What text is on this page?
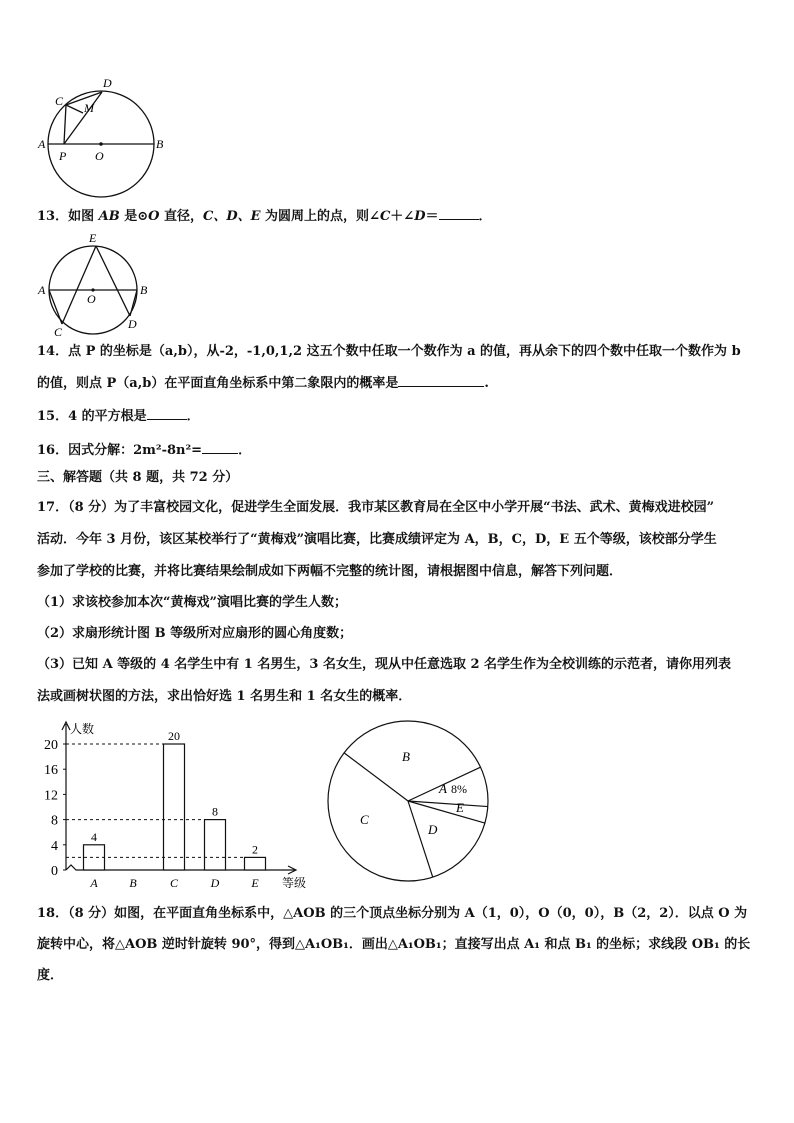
D
C M
A
P O
B
13．如图 AB 是⊙O 直径，C、D、E 为圆周上的点，则∠C＋∠D＝	．
E
A
O
B
C
D
14．点 P 的坐标是（a,b），从-2，-1,0,1,2 这五个数中任取一个数作为 a 的值，再从余下的四个数中任取一个数作为 b
的值，则点 P（a,b）在平面直角坐标系中第二象限内的概率是	.
15．4 的平方根是	．
16．因式分解：2m²-8n²=	．
三、解答题（共 8 题，共 72 分）
17．（8 分）为了丰富校园文化，促进学生全面发展．我市某区教育局在全区中小学开展“书法、武术、黄梅戏进校园”
活动．今年 3 月份，该区某校举行了“黄梅戏”演唱比赛，比赛成绩评定为 A，B，C，D，E 五个等级，该校部分学生
参加了学校的比赛，并将比赛结果绘制成如下两幅不完整的统计图，请根据图中信息，解答下列问题．
（1）求该校参加本次“黄梅戏”演唱比赛的学生人数；
（2）求扇形统计图 B 等级所对应扇形的圆心角度数；
（3）已知 A 等级的 4 名学生中有 1 名男生，3 名女生，现从中任意选取 2 名学生作为全校训练的示范者，请你用列表
法或画树状图的方法，求出恰好选 1 名男生和 1 名女生的概率．
人数
等级
0
4
8
12
16
20
A
4
B	C
20
D
8
E
2
A 8%
B
C
D
E
18．（8 分）如图，在平面直角坐标系中，△AOB 的三个顶点坐标分别为 A（1，0），O（0，0），B（2，2）．以点 O 为
旋转中心，将△AOB 逆时针旋转 90°，得到△A₁OB₁．画出△A₁OB₁；直接写出点 A₁ 和点 B₁ 的坐标；求线段 OB₁ 的长
度．
